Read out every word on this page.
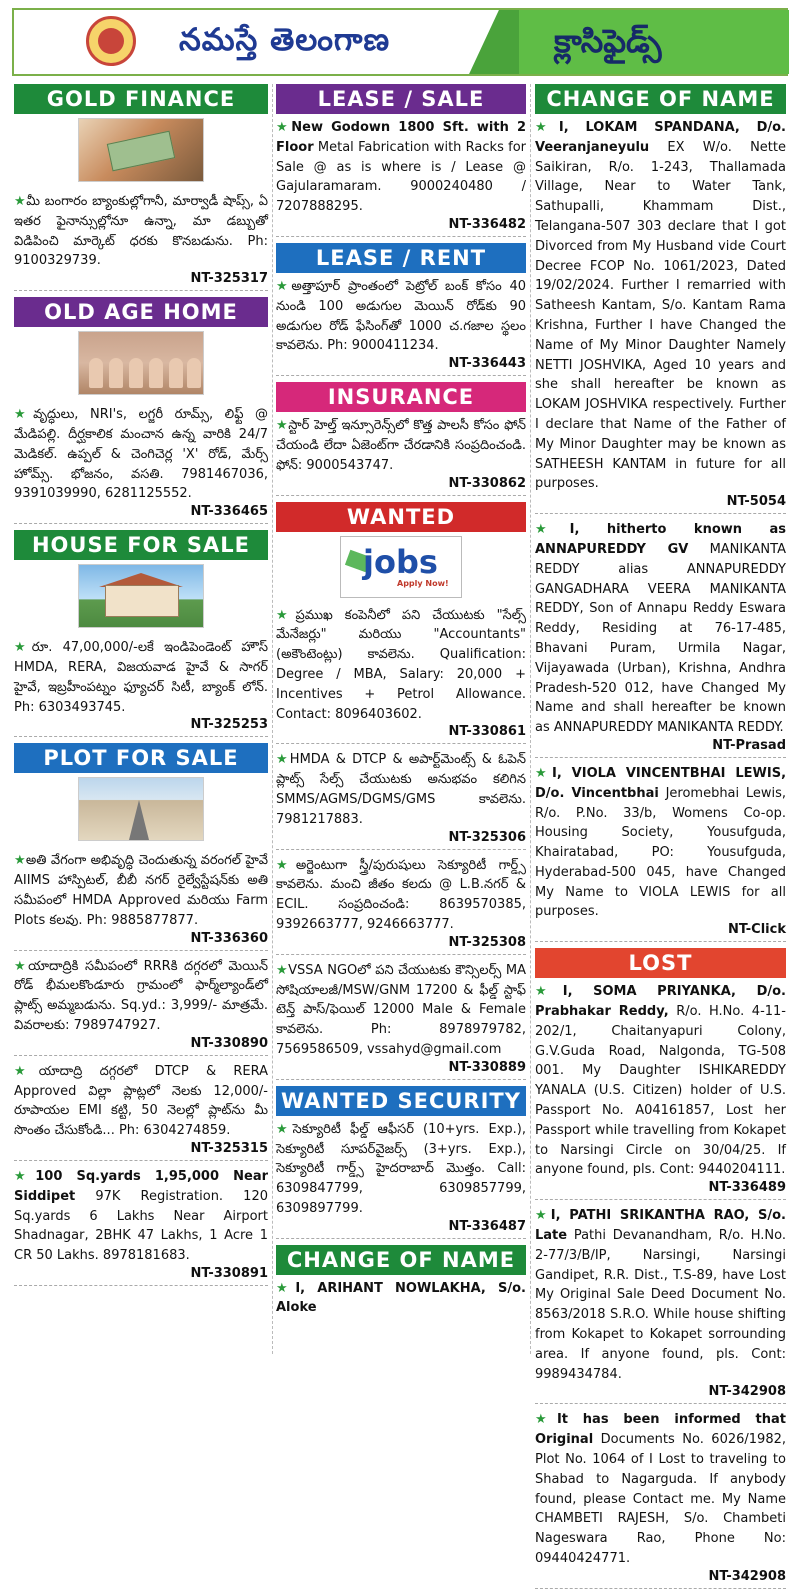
నమస్తే తెలంగాణ	క్లాసిఫైడ్స్
GOLD FINANCE
★మీ బంగారం బ్యాంకుల్లోగానీ, మార్వాడీ షాప్స్, ఏ ఇతర ఫైనాన్సుల్లోనూ ఉన్నా, మా డబ్బుతో విడిపించి మార్కెట్ ధరకు కొనబడును. Ph: 9100329739.
NT-325317
OLD AGE HOME
★వృద్ధులు, NRI's, లగ్జరీ రూమ్స్, లిఫ్ట్ @ మేడిపల్లి. దీర్ఘకాలిక మంచాన ఉన్న వారికి 24/7 మెడికల్. ఉప్పల్ & చెంగిచెర్ల 'X' రోడ్, మేర్స్ హోమ్స్. భోజనం, వసతి. 7981467036, 9391039990, 6281125552.
NT-336465
HOUSE FOR SALE
★రూ. 47,00,000/-లకే ఇండిపెండెంట్ హౌస్ HMDA, RERA, విజయవాడ హైవే & సాగర్ హైవే, ఇబ్రహీంపట్నం ఫ్యూచర్ సిటీ, బ్యాంక్ లోన్. Ph: 6303493745.
NT-325253
PLOT FOR SALE
★అతి వేగంగా అభివృద్ధి చెందుతున్న వరంగల్ హైవే AIIMS హాస్పిటల్, బీబీ నగర్ రైల్వేస్టేషన్‌కు అతి సమీపంలో HMDA Approved మరియు Farm Plots కలవు. Ph: 9885877877.
NT-336360
★యాదాద్రికి సమీపంలో RRRకి దగ్గరలో మెయిన్ రోడ్ భీమలకొండూరు గ్రామంలో ఫార్మ్‌ల్యాండ్‌లో ప్లాట్స్ అమ్మబడును. Sq.yd.: 3,999/- మాత్రమే. వివరాలకు: 7989747927.
NT-330890
★యాదాద్రి దగ్గరలో DTCP & RERA Approved విల్లా ప్లాట్లలో నెలకు 12,000/- రూపాయల EMI కట్టి, 50 నెలల్లో ప్లాట్‌ను మీ సొంతం చేసుకోండి... Ph: 6304274859.
NT-325315
★100 Sq.yards 1,95,000 Near Siddipet 97K Registration. 120 Sq.yards 6 Lakhs Near Airport Shadnagar, 2BHK 47 Lakhs, 1 Acre 1 CR 50 Lakhs. 8978181683.
NT-330891
LEASE / SALE
★New Godown 1800 Sft. with 2 Floor Metal Fabrication with Racks for Sale @ as is where is / Lease @ Gajularamaram. 9000240480 / 7207888295.
NT-336482
LEASE / RENT
★అత్తాపూర్ ప్రాంతంలో పెట్రోల్ బంక్ కోసం 40 నుండి 100 అడుగుల మెయిన్ రోడ్‌కు 90 అడుగుల రోడ్ ఫేసింగ్‌తో 1000 చ.గజాల స్థలం కావలెను. Ph: 9000411234.
NT-336443
INSURANCE
★స్టార్ హెల్త్ ఇన్సూరెన్స్‌లో కొత్త పాలసీ కోసం ఫోన్ చేయండి లేదా ఏజెంట్‌గా చేరడానికి సంప్రదించండి. ఫోన్: 9000543747.
NT-330862
WANTED
jobs
Apply Now!
★ప్రముఖ కంపెనీలో పని చేయుటకు "సేల్స్ మేనేజర్లు" మరియు "Accountants" (అకౌంటెంట్లు) కావలెను. Qualification: Degree / MBA, Salary: 20,000 + Incentives + Petrol Allowance. Contact: 8096403602.
NT-330861
★HMDA & DTCP & అపార్ట్‌మెంట్స్ & ఓపెన్ ప్లాట్స్ సేల్స్ చేయుటకు అనుభవం కలిగిన SMMS/AGMS/DGMS/GMS కావలెను. 7981217883.
NT-325306
★అర్జెంటుగా స్త్రీ/పురుషులు సెక్యూరిటీ గార్డ్స్ కావలెను. మంచి జీతం కలదు @ L.B.నగర్ & ECIL. సంప్రదించండి: 8639570385, 9392663777, 9246663777.
NT-325308
★VSSA NGOలో పని చేయుటకు కౌన్సిలర్స్ MA సోషియాలజీ/MSW/GNM 17200 & ఫీల్డ్ స్టాఫ్ టెన్త్ పాస్/ఫెయిల్ 12000 Male & Female కావలెను. Ph: 8978979782, 7569586509, vssahyd@gmail.com
NT-330889
WANTED SECURITY
★సెక్యూరిటీ ఫీల్డ్ ఆఫీసర్ (10+yrs. Exp.), సెక్యూరిటీ సూపర్‌వైజర్స్ (3+yrs. Exp.), సెక్యూరిటీ గార్డ్స్ హైదరాబాద్ మొత్తం. Call: 6309847799, 6309857799, 6309897799.
NT-336487
CHANGE OF NAME
★I, ARIHANT NOWLAKHA, S/o. Aloke
CHANGE OF NAME
★I, LOKAM SPANDANA, D/o. Veeranjaneyulu EX W/o. Nette Saikiran, R/o. 1-243, Thallamada Village, Near to Water Tank, Sathupalli, Khammam Dist., Telangana-507 303 declare that I got Divorced from My Husband vide Court Decree FCOP No. 1061/2023, Dated 19/02/2024. Further I remarried with Satheesh Kantam, S/o. Kantam Rama Krishna, Further I have Changed the Name of My Minor Daughter Namely NETTI JOSHVIKA, Aged 10 years and she shall hereafter be known as LOKAM JOSHVIKA respectively. Further I declare that Name of the Father of My Minor Daughter may be known as SATHEESH KANTAM in future for all purposes.
NT-5054
★I, hitherto known as ANNAPUREDDY GV MANIKANTA REDDY alias ANNAPUREDDY GANGADHARA VEERA MANIKANTA REDDY, Son of Annapu Reddy Eswara Reddy, Residing at 76-17-485, Bhavani Puram, Urmila Nagar, Vijayawada (Urban), Krishna, Andhra Pradesh-520 012, have Changed My Name and shall hereafter be known as ANNAPUREDDY MANIKANTA REDDY.
NT-Prasad
★I, VIOLA VINCENTBHAI LEWIS, D/o. Vincentbhai Jeromebhai Lewis, R/o. P.No. 33/b, Womens Co-op. Housing Society, Yousufguda, Khairatabad, PO: Yousufguda, Hyderabad-500 045, have Changed My Name to VIOLA LEWIS for all purposes.
NT-Click
LOST
★I, SOMA PRIYANKA, D/o. Prabhakar Reddy, R/o. H.No. 4-11-202/1, Chaitanyapuri Colony, G.V.Guda Road, Nalgonda, TG-508 001. My Daughter ISHIKAREDDY YANALA (U.S. Citizen) holder of U.S. Passport No. A04161857, Lost her Passport while travelling from Kokapet to Narsingi Circle on 30/04/25. If anyone found, pls. Cont: 9440204111.
NT-336489
★I, PATHI SRIKANTHA RAO, S/o. Late Pathi Devanandham, R/o. H.No. 2-77/3/B/IP, Narsingi, Narsingi Gandipet, R.R. Dist., T.S-89, have Lost My Original Sale Deed Document No. 8563/2018 S.R.O. While house shifting from Kokapet to Kokapet sorrounding area. If anyone found, pls. Cont: 9989434784.
NT-342908
★It has been informed that Original Documents No. 6026/1982, Plot No. 1064 of I Lost to traveling to Shabad to Nagarguda. If anybody found, please Contact me. My Name CHAMBETI RAJESH, S/o. Chambeti Nageswara Rao, Phone No: 09440424771.
NT-342908
